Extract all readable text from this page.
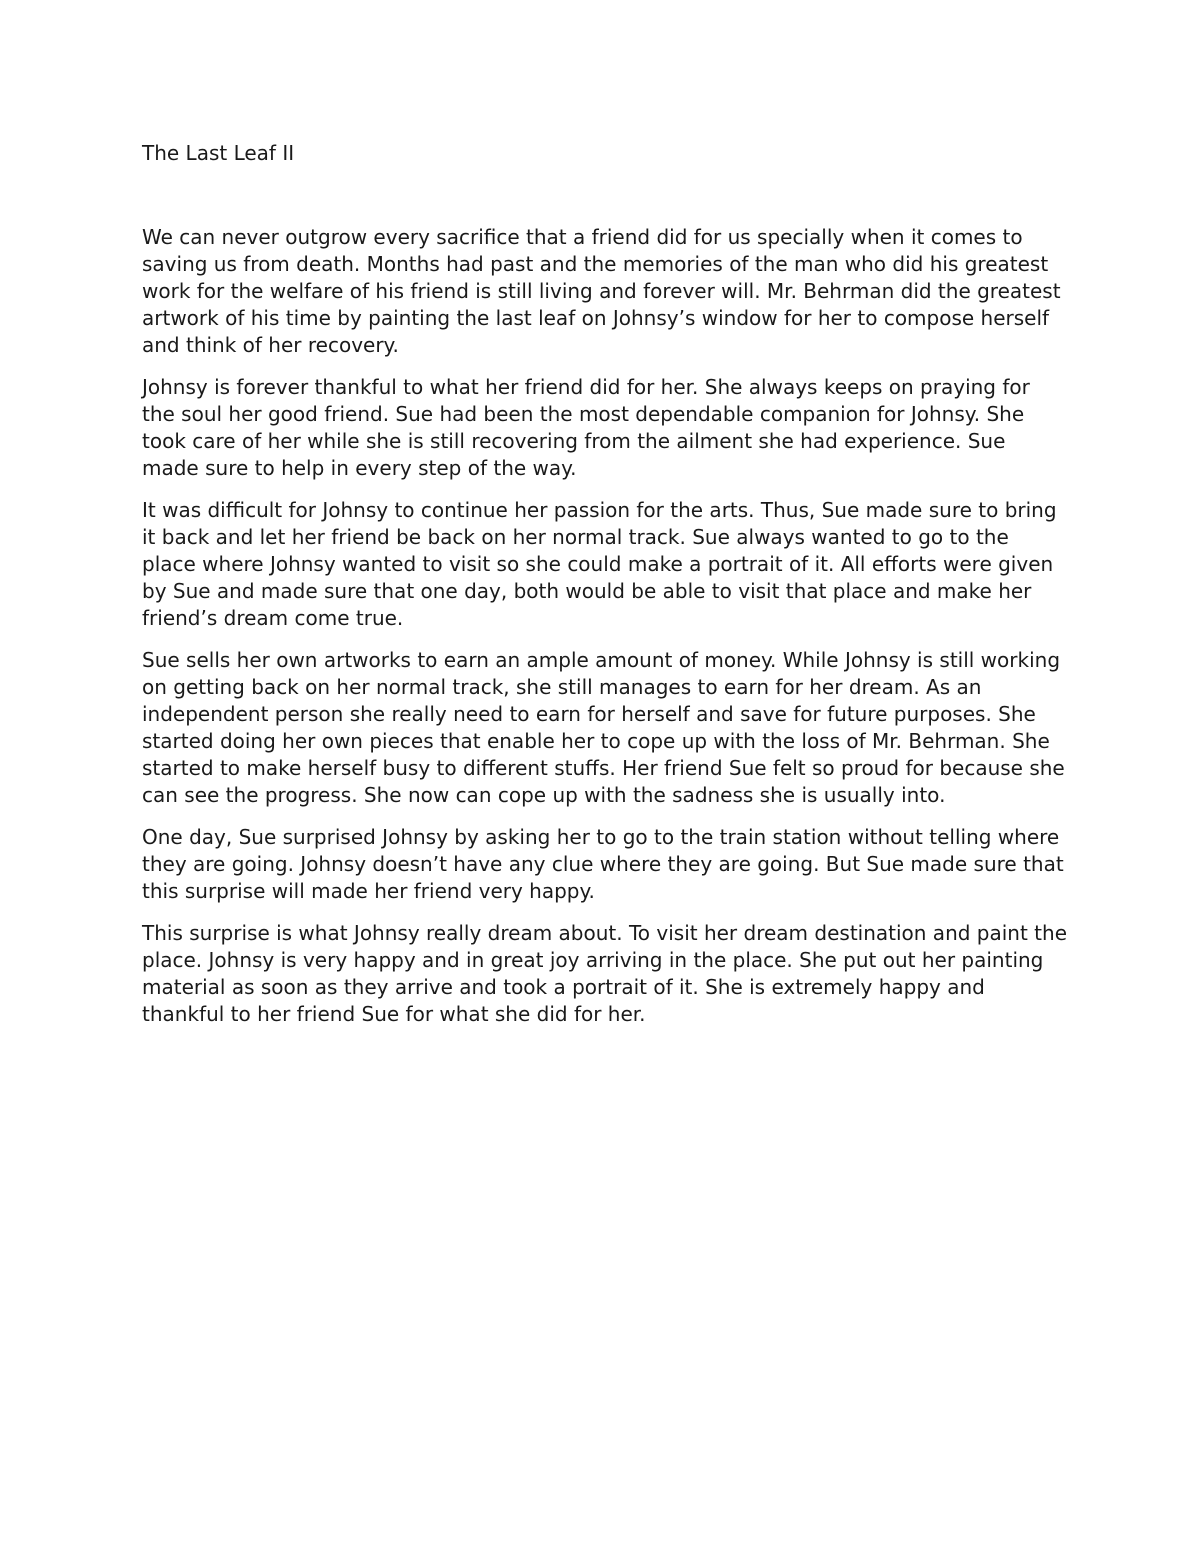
The Last Leaf II

We can never outgrow every sacrifice that a friend did for us specially when it comes to saving us from death. Months had past and the memories of the man who did his greatest work for the welfare of his friend is still living and forever will. Mr. Behrman did the greatest artwork of his time by painting the last leaf on Johnsy’s window for her to compose herself and think of her recovery.

Johnsy is forever thankful to what her friend did for her. She always keeps on praying for the soul her good friend. Sue had been the most dependable companion for Johnsy. She took care of her while she is still recovering from the ailment she had experience. Sue made sure to help in every step of the way.

It was difficult for Johnsy to continue her passion for the arts. Thus, Sue made sure to bring it back and let her friend be back on her normal track. Sue always wanted to go to the place where Johnsy wanted to visit so she could make a portrait of it. All efforts were given by Sue and made sure that one day, both would be able to visit that place and make her friend’s dream come true.

Sue sells her own artworks to earn an ample amount of money. While Johnsy is still working on getting back on her normal track, she still manages to earn for her dream. As an independent person she really need to earn for herself and save for future purposes. She started doing her own pieces that enable her to cope up with the loss of Mr. Behrman. She started to make herself busy to different stuffs. Her friend Sue felt so proud for because she can see the progress. She now can cope up with the sadness she is usually into.

One day, Sue surprised Johnsy by asking her to go to the train station without telling where they are going. Johnsy doesn’t have any clue where they are going. But Sue made sure that this surprise will made her friend very happy.

This surprise is what Johnsy really dream about. To visit her dream destination and paint the place. Johnsy is very happy and in great joy arriving in the place. She put out her painting material as soon as they arrive and took a portrait of it. She is extremely happy and thankful to her friend Sue for what she did for her.
